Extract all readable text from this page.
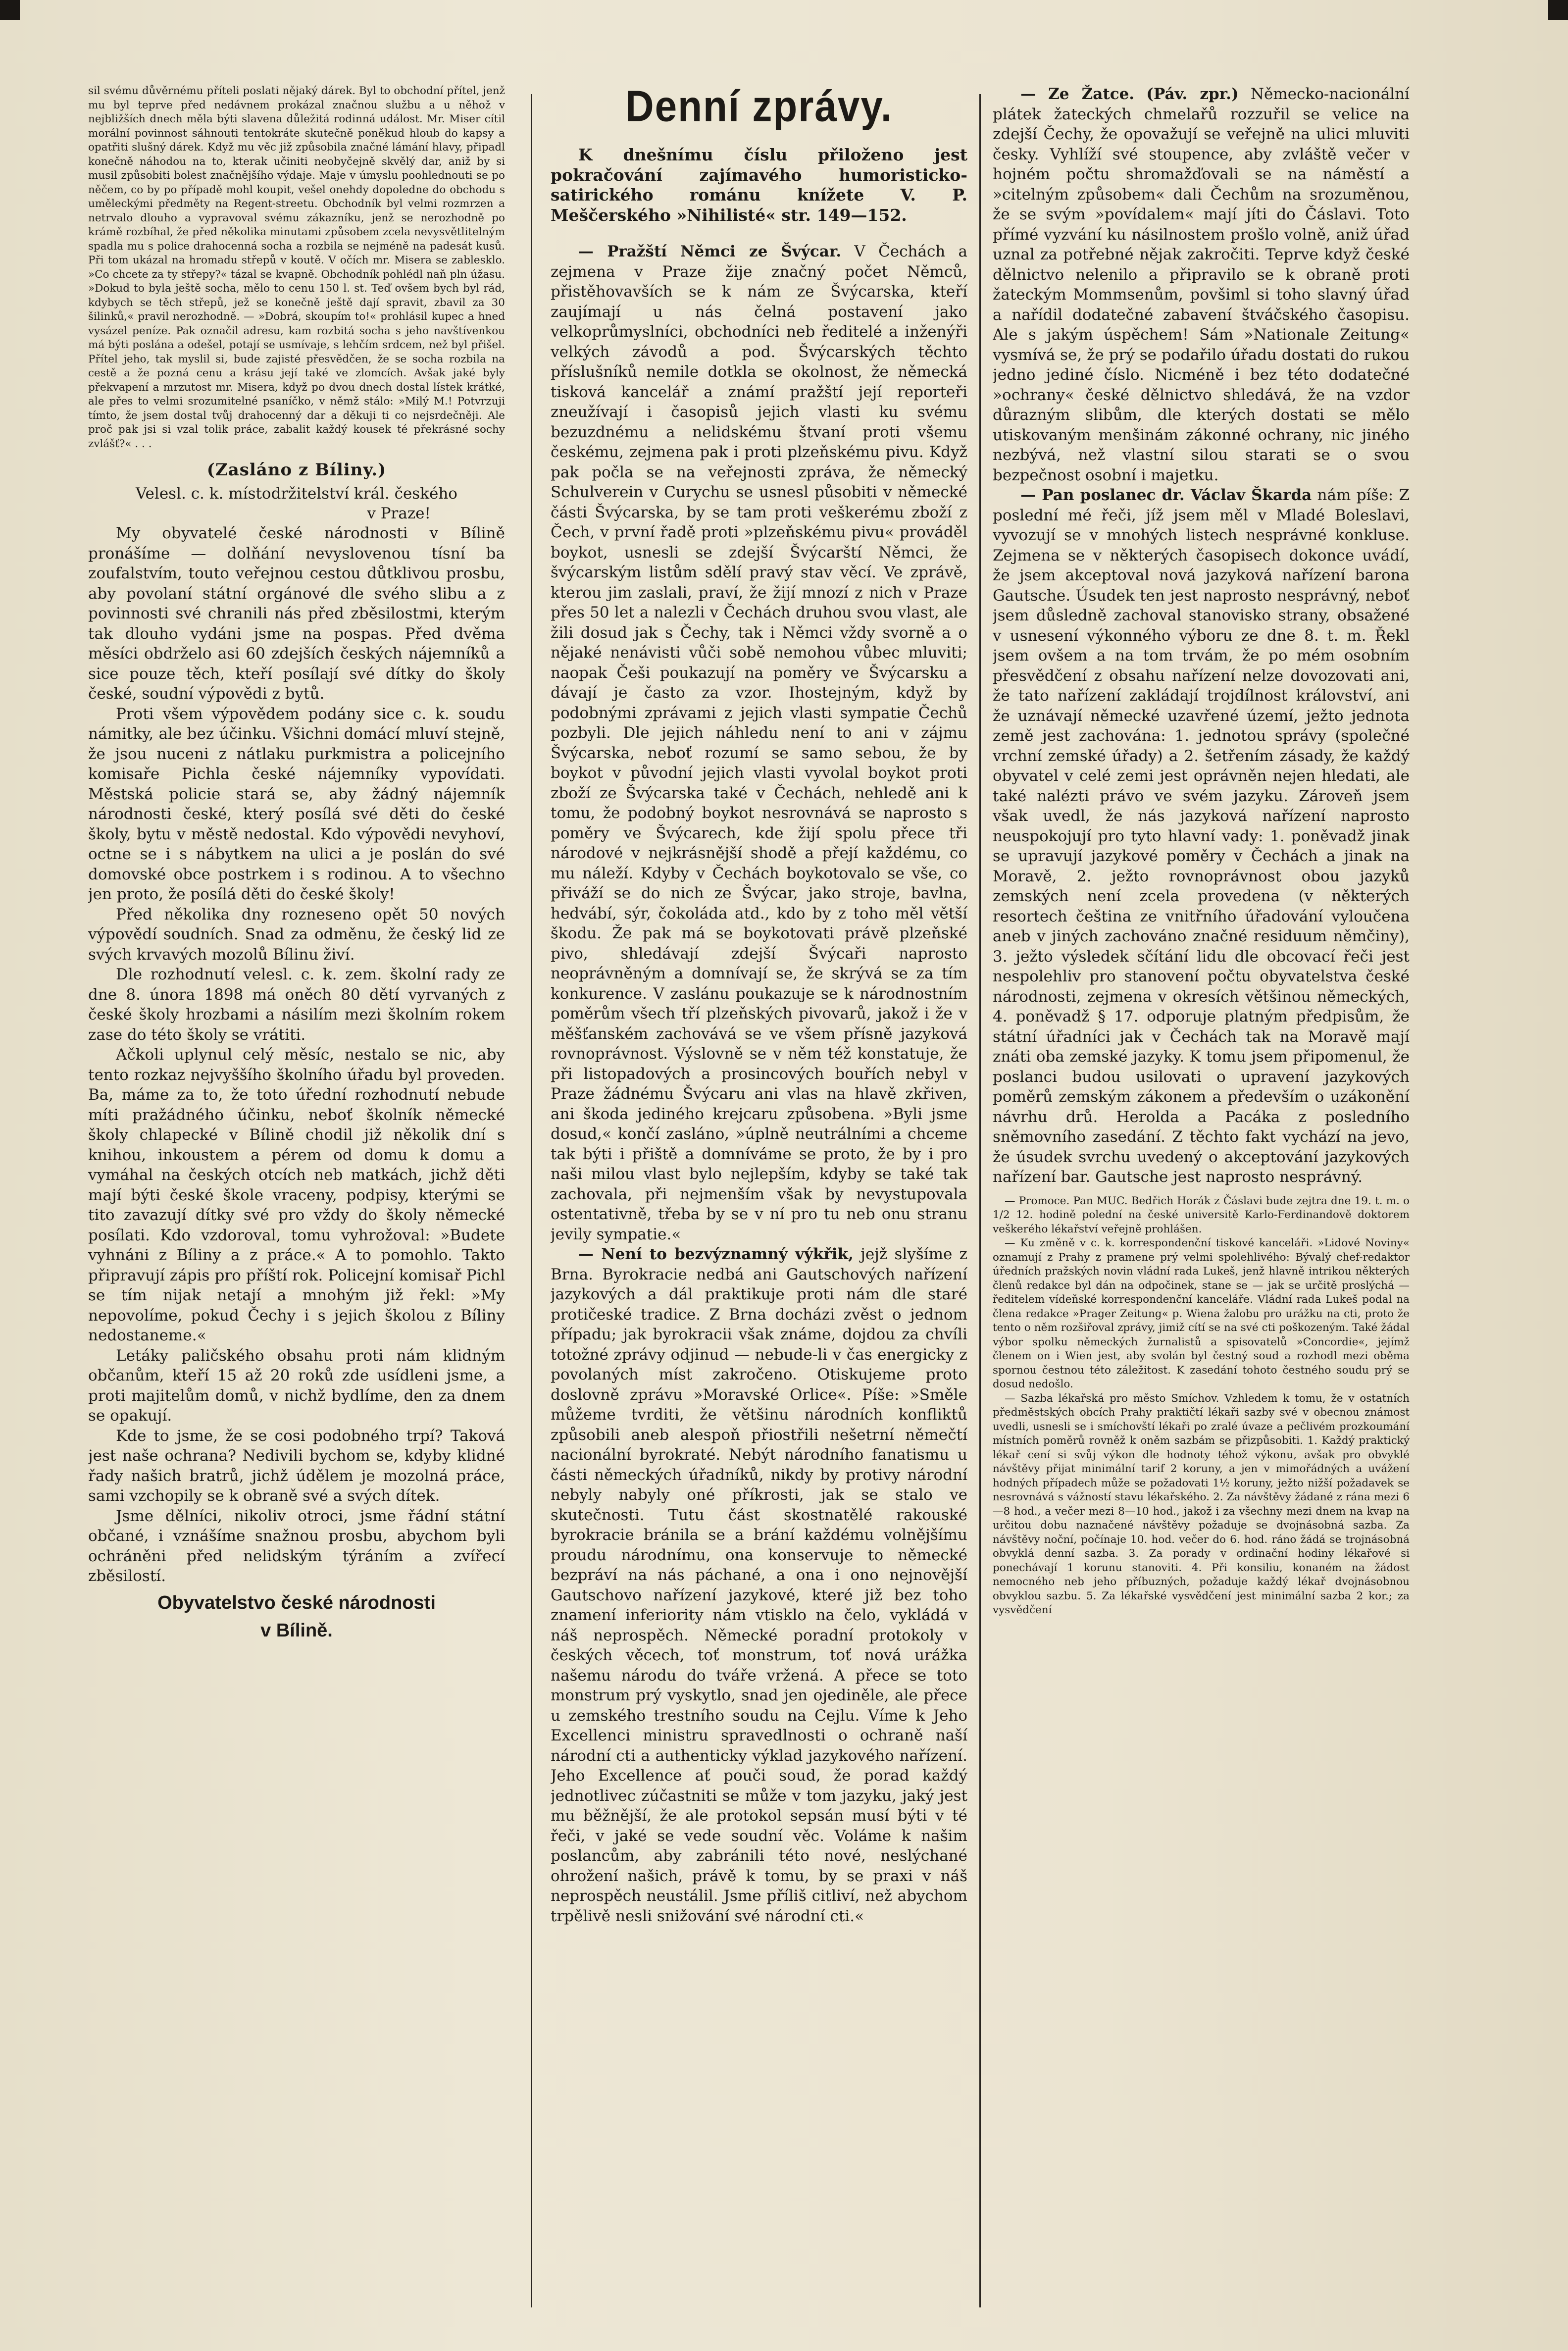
sil svému důvěrnému příteli poslati nějaký dárek. Byl to obchodní přítel, jenž mu byl teprve před nedávnem prokázal značnou službu a u něhož v nejbližších dnech měla býti slavena důležitá rodinná událost. Mr. Miser cítil morální povinnost sáhnouti tentokráte skutečně poněkud hloub do kapsy a opatřiti slušný dárek. Když mu věc již způsobila značné lámání hlavy, připadl konečně náhodou na to, kterak učiniti neobyčejně skvělý dar, aniž by si musil způsobiti bolest značnějšího výdaje. Maje v úmyslu poohlednouti se po něčem, co by po případě mohl koupit, vešel onehdy dopoledne do obchodu s uměleckými předměty na Regent-streetu. Obchodník byl velmi rozmrzen a netrvalo dlouho a vypravoval svému zákazníku, jenž se nerozhodně po krámě rozbíhal, že před několika minutami způsobem zcela nevysvětlitelným spadla mu s police drahocenná socha a rozbila se nejméně na padesát kusů. Při tom ukázal na hromadu střepů v koutě. V očích mr. Misera se zablesklo. »Co chcete za ty střepy?« tázal se kvapně. Obchodník pohlédl naň pln úžasu. »Dokud to byla ještě socha, mělo to cenu 150 l. st. Teď ovšem bych byl rád, kdybych se těch střepů, jež se konečně ještě dají spravit, zbavil za 30 šilinků,« pravil nerozhodně. — »Dobrá, skoupím to!« prohlásil kupec a hned vysázel peníze. Pak označil adresu, kam rozbitá socha s jeho navštívenkou má býti poslána a odešel, potají se usmívaje, s lehčím srdcem, než byl přišel. Přítel jeho, tak myslil si, bude zajisté přesvědčen, že se socha rozbila na cestě a že pozná cenu a krásu její také ve zlomcích. Avšak jaké byly překvapení a mrzutost mr. Misera, když po dvou dnech dostal lístek krátké, ale přes to velmi srozumitelné psaníčko, v němž stálo: »Milý M.! Potvrzuji tímto, že jsem dostal tvůj drahocenný dar a děkuji ti co nejsrdečněji. Ale proč pak jsi si vzal tolik práce, zabalit každý kousek té překrásné sochy zvlášť?« . . .

(Zasláno z Bíliny.)
Velesl. c. k. místodržitelství král. českého
v Praze!

My obyvatelé české národnosti v Bílině pronášíme — dolňání nevyslovenou tísní ba zoufalstvím, touto veřejnou cestou důtklivou prosbu, aby povolaní státní orgánové dle svého slibu a z povinnosti své chranili nás před zběsilostmi, kterým tak dlouho vydáni jsme na pospas. Před dvěma měsíci obdrželo asi 60 zdejších českých nájemníků a sice pouze těch, kteří posílají své dítky do školy české, soudní výpovědi z bytů.

Proti všem výpovědem podány sice c. k. soudu námitky, ale bez účinku. Všichni domácí mluví stejně, že jsou nuceni z nátlaku purkmistra a policejního komisaře Pichla české nájemníky vypovídati. Městská policie stará se, aby žádný nájemník národnosti české, který posílá své děti do české školy, bytu v městě nedostal. Kdo výpovědi nevyhoví, octne se i s nábytkem na ulici a je poslán do své domovské obce postrkem i s rodinou. A to všechno jen proto, že posílá děti do české školy!

Před několika dny rozneseno opět 50 nových výpovědí soudních. Snad za odměnu, že český lid ze svých krvavých mozolů Bílinu živí.

Dle rozhodnutí velesl. c. k. zem. školní rady ze dne 8. února 1898 má oněch 80 dětí vyrvaných z české školy hrozbami a násilím mezi školním rokem zase do této školy se vrátiti.

Ačkoli uplynul celý měsíc, nestalo se nic, aby tento rozkaz nejvyššího školního úřadu byl proveden. Ba, máme za to, že toto úřední rozhodnutí nebude míti pražádného účinku, neboť školník německé školy chlapecké v Bílině chodil již několik dní s knihou, inkoustem a pérem od domu k domu a vymáhal na českých otcích neb matkách, jichž děti mají býti české škole vraceny, podpisy, kterými se tito zavazují dítky své pro vždy do školy německé posílati. Kdo vzdoroval, tomu vyhrožoval: »Budete vyhnáni z Bíliny a z práce.« A to pomohlo. Takto připravují zápis pro příští rok. Policejní komisař Pichl se tím nijak netají a mnohým již řekl: »My nepovolíme, pokud Čechy i s jejich školou z Bíliny nedostaneme.«

Letáky paličského obsahu proti nám klidným občanům, kteří 15 až 20 roků zde usídleni jsme, a proti majitelům domů, v nichž bydlíme, den za dnem se opakují.

Kde to jsme, že se cosi podobného trpí? Taková jest naše ochrana? Nedivili bychom se, kdyby klidné řady našich bratrů, jichž údělem je mozolná práce, sami vzchopily se k obraně své a svých dítek.

Jsme dělníci, nikoliv otroci, jsme řádní státní občané, i vznášíme snažnou prosbu, abychom byli ochráněni před nelidským týráním a zvířecí zběsilostí.

Obyvatelstvo české národnosti
v Bílině.
Denní zprávy.

K dnešnímu číslu přiloženo jest pokračování zajímavého humoristicko-satirického románu knížete V. P. Meščerského »Nihilisté« str. 149—152.

— Pražští Němci ze Švýcar. V Čechách a zejmena v Praze žije značný počet Němců, přistěhovavších se k nám ze Švýcarska, kteří zaujímají u nás čelná postavení jako velkoprůmyslníci, obchodníci neb ředitelé a inženýři velkých závodů a pod. Švýcarských těchto příslušníků nemile dotkla se okolnost, že německá tisková kancelář a známí pražští její reporteři zneužívají i časopisů jejich vlasti ku svému bezuzdnému a nelidskému štvaní proti všemu českému, zejmena pak i proti plzeňskému pivu. Když pak počla se na veřejnosti zpráva, že německý Schulverein v Curychu se usnesl působiti v německé části Švýcarska, by se tam proti veškerému zboží z Čech, v první řadě proti »plzeňskému pivu« prováděl boykot, usnesli se zdejší Švýcarští Němci, že švýcarským listům sdělí pravý stav věcí. Ve zprávě, kterou jim zaslali, praví, že žijí mnozí z nich v Praze přes 50 let a nalezli v Čechách druhou svou vlast, ale žili dosud jak s Čechy, tak i Němci vždy svorně a o nějaké nenávisti vůči sobě nemohou vůbec mluviti; naopak Češi poukazují na poměry ve Švýcarsku a dávají je často za vzor. Ihostejným, když by podobnými zprávami z jejich vlasti sympatie Čechů pozbyli. Dle jejich náhledu není to ani v zájmu Švýcarska, neboť rozumí se samo sebou, že by boykot v původní jejich vlasti vyvolal boykot proti zboží ze Švýcarska také v Čechách, nehledě ani k tomu, že podobný boykot nesrovnává se naprosto s poměry ve Švýcarech, kde žijí spolu přece tři národové v nejkrásnější shodě a přejí každému, co mu náleží. Kdyby v Čechách boykotovalo se vše, co přiváží se do nich ze Švýcar, jako stroje, bavlna, hedvábí, sýr, čokoláda atd., kdo by z toho měl větší škodu. Že pak má se boykotovati právě plzeňské pivo, shledávají zdejší Švýcaři naprosto neoprávněným a domnívají se, že skrývá se za tím konkurence. V zaslánu poukazuje se k národnostním poměrům všech tří plzeňských pivovarů, jakož i že v měšťanském zachovává se ve všem přísně jazyková rovnoprávnost. Výslovně se v něm též konstatuje, že při listopadových a prosincových bouřích nebyl v Praze žádnému Švýcaru ani vlas na hlavě zkřiven, ani škoda jediného krejcaru způsobena. »Byli jsme dosud,« končí zasláno, »úplně neutrálními a chceme tak býti i přiště a domníváme se proto, že by i pro naši milou vlast bylo nejlepším, kdyby se také tak zachovala, při nejmenším však by nevystupovala ostentativně, třeba by se v ní pro tu neb onu stranu jevily sympatie.«

— Není to bezvýznamný výkřik, jejž slyšíme z Brna. Byrokracie nedbá ani Gautschových nařízení jazykových a dál praktikuje proti nám dle staré protičeské tradice. Z Brna docházi zvěst o jednom případu; jak byrokracii však známe, dojdou za chvíli totožné zprávy odjinud — nebude-li v čas energicky z povolaných míst zakročeno. Otiskujeme proto doslovně zprávu »Moravské Orlice«. Píše: »Směle můžeme tvrditi, že většinu národních konfliktů způsobili aneb alespoň přiostřili nešetrní němečtí nacionální byrokraté. Nebýt národního fanatismu u části německých úřadníků, nikdy by protivy národní nebyly nabyly oné příkrosti, jak se stalo ve skutečnosti. Tutu část skostnatělé rakouské byrokracie bránila se a brání každému volnějšímu proudu národnímu, ona konservuje to německé bezpráví na nás páchané, a ona i ono nejnovější Gautschovo nařízení jazykové, které již bez toho znamení inferiority nám vtisklo na čelo, vykládá v náš neprospěch. Německé poradní protokoly v českých věcech, toť monstrum, toť nová urážka našemu národu do tváře vržená. A přece se toto monstrum prý vyskytlo, snad jen ojediněle, ale přece u zemského trestního soudu na Cejlu. Víme k Jeho Excellenci ministru spravedlnosti o ochraně naší národní cti a authenticky výklad jazykového nařízení. Jeho Excellence ať pouči soud, že porad každý jednotlivec zúčastniti se může v tom jazyku, jaký jest mu běžnější, že ale protokol sepsán musí býti v té řeči, v jaké se vede soudní věc. Voláme k našim poslancům, aby zabránili této nové, neslýchané ohrožení našich, právě k tomu, by se praxi v náš neprospěch neustálil. Jsme příliš citliví, než abychom trpělivě nesli snižování své národní cti.«

— Ze Žatce. (Páv. zpr.) Německo-nacionální plátek žateckých chmelařů rozzuřil se velice na zdejší Čechy, že opovažují se veřejně na ulici mluviti česky. Vyhlíží své stoupence, aby zvláště večer v hojném počtu shromažďovali se na náměstí a »citelným způsobem« dali Čechům na srozuměnou, že se svým »povídalem« mají jíti do Čáslavi. Toto přímé vyzvání ku násilnostem prošlo volně, aniž úřad uznal za potřebné nějak zakročiti. Teprve když české dělnictvo nelenilo a připravilo se k obraně proti žateckým Mommsenům, povšiml si toho slavný úřad a nařídil dodatečné zabavení štváčského časopisu. Ale s jakým úspěchem! Sám »Nationale Zeitung« vysmívá se, že prý se podařilo úřadu dostati do rukou jedno jediné číslo. Nicméně i bez této dodatečné »ochrany« české dělnictvo shledává, že na vzdor důrazným slibům, dle kterých dostati se mělo utiskovaným menšinám zákonné ochrany, nic jiného nezbývá, než vlastní silou starati se o svou bezpečnost osobní i majetku.

— Pan poslanec dr. Václav Škarda nám píše: Z poslední mé řeči, jíž jsem měl v Mladé Boleslavi, vyvozují se v mnohých listech nesprávné konkluse. Zejmena se v některých časopisech dokonce uvádí, že jsem akceptoval nová jazyková nařízení barona Gautsche. Úsudek ten jest naprosto nesprávný, neboť jsem důsledně zachoval stanovisko strany, obsažené v usnesení výkonného výboru ze dne 8. t. m. Řekl jsem ovšem a na tom trvám, že po mém osobním přesvědčení z obsahu nařízení nelze dovozovati ani, že tato nařízení zakládají trojdílnost království, ani že uznávají německé uzavřené území, ježto jednota země jest zachována: 1. jednotou správy (společné vrchní zemské úřady) a 2. šetřením zásady, že každý obyvatel v celé zemi jest oprávněn nejen hledati, ale také nalézti právo ve svém jazyku. Zároveň jsem však uvedl, že nás jazyková nařízení naprosto neuspokojují pro tyto hlavní vady: 1. poněvadž jinak se upravují jazykové poměry v Čechách a jinak na Moravě, 2. ježto rovnoprávnost obou jazyků zemských není zcela provedena (v některých resortech čeština ze vnitřního úřadování vyloučena aneb v jiných zachováno značné residuum němčiny), 3. ježto výsledek sčítání lidu dle obcovací řeči jest nespolehliv pro stanovení počtu obyvatelstva české národnosti, zejmena v okresích většinou německých, 4. poněvadž § 17. odporuje platným předpisům, že státní úřadníci jak v Čechách tak na Moravě mají znáti oba zemské jazyky. K tomu jsem připomenul, že poslanci budou usilovati o upravení jazykových poměrů zemským zákonem a především o uzákonění návrhu drů. Herolda a Pacáka z posledního sněmovního zasedání. Z těchto fakt vychází na jevo, že úsudek svrchu uvedený o akceptování jazykových nařízení bar. Gautsche jest naprosto nesprávný.

— Promoce. Pan MUC. Bedřich Horák z Čáslavi bude zejtra dne 19. t. m. o 1/2 12. hodině polední na české universitě Karlo-Ferdinandově doktorem veškerého lékařství veřejně prohlášen.

— Ku změně v c. k. korrespondenční tiskové kanceláři. »Lidové Noviny« oznamují z Prahy z pramene prý velmi spolehlivého: Bývalý chef-redaktor úředních pražských novin vládní rada Lukeš, jenž hlavně intrikou některých členů redakce byl dán na odpočinek, stane se — jak se určitě proslýchá — ředitelem vídeňské korrespondenční kanceláře. Vládní rada Lukeš podal na člena redakce »Prager Zeitung« p. Wiena žalobu pro urážku na cti, proto že tento o něm rozšiřoval zprávy, jimiž cítí se na své cti poškozeným. Také žádal výbor spolku německých žurnalistů a spisovatelů »Concordie«, jejímž členem on i Wien jest, aby svolán byl čestný soud a rozhodl mezi oběma spornou čestnou této záležitost. K zasedání tohoto čestného soudu prý se dosud nedošlo.

— Sazba lékařská pro město Smíchov. Vzhledem k tomu, že v ostatních předměstských obcích Prahy praktičtí lékaři sazby své v obecnou známost uvedli, usnesli se i smíchovští lékaři po zralé úvaze a pečlivém prozkoumání místních poměrů rovněž k oněm sazbám se přizpůsobiti. 1. Každý praktický lékař cení si svůj výkon dle hodnoty téhož výkonu, avšak pro obvyklé návštěvy přijat minimální tarif 2 koruny, a jen v mimořádných a uvážení hodných případech může se požadovati 1½ koruny, ježto nižší požadavek se nesrovnává s vážností stavu lékařského. 2. Za návštěvy žádané z rána mezi 6—8 hod., a večer mezi 8—10 hod., jakož i za všechny mezi dnem na kvap na určitou dobu naznačené návštěvy požaduje se dvojnásobná sazba. Za návštěvy noční, počínaje 10. hod. večer do 6. hod. ráno žádá se trojnásobná obvyklá denní sazba. 3. Za porady v ordinační hodiny lékařové si ponechávají 1 korunu stanoviti. 4. Při konsiliu, konaném na žádost nemocného neb jeho příbuzných, požaduje každý lékař dvojnásobnou obvyklou sazbu. 5. Za lékařské vysvědčení jest minimální sazba 2 kor.; za vysvědčení
